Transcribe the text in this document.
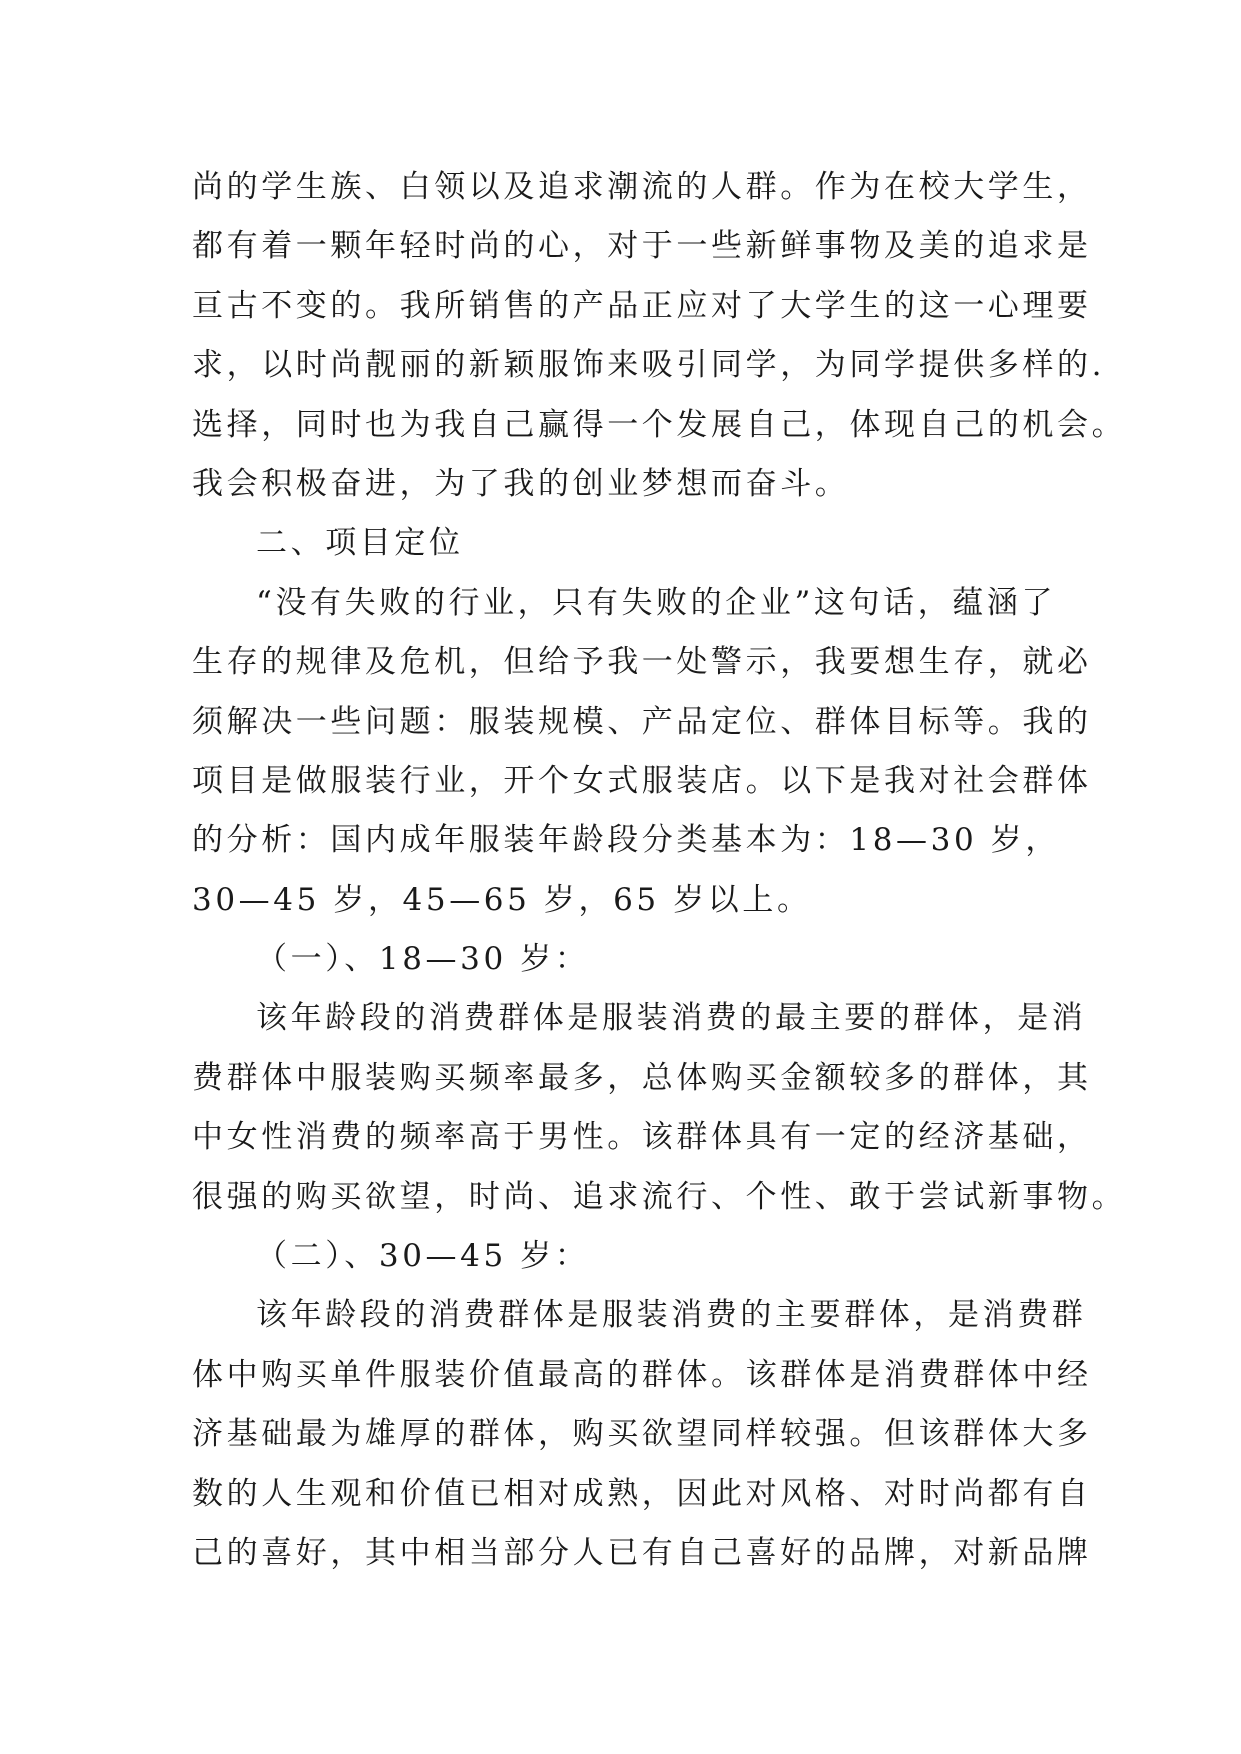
尚的学生族、白领以及追求潮流的人群。作为在校大学生，
都有着一颗年轻时尚的心，对于一些新鲜事物及美的追求是
亘古不变的。我所销售的产品正应对了大学生的这一心理要
求，以时尚靓丽的新颖服饰来吸引同学，为同学提供多样的.
选择，同时也为我自己赢得一个发展自己，体现自己的机会。
我会积极奋进，为了我的创业梦想而奋斗。
二、项目定位
“没有失败的行业，只有失败的企业”这句话，蕴涵了
生存的规律及危机，但给予我一处警示，我要想生存，就必
须解决一些问题：服装规模、产品定位、群体目标等。我的
项目是做服装行业，开个女式服装店。以下是我对社会群体
的分析：国内成年服装年龄段分类基本为：18—30 岁，
30—45 岁，45—65 岁，65 岁以上。
（一）、18—30 岁：
该年龄段的消费群体是服装消费的最主要的群体，是消
费群体中服装购买频率最多，总体购买金额较多的群体，其
中女性消费的频率高于男性。该群体具有一定的经济基础，
很强的购买欲望，时尚、追求流行、个性、敢于尝试新事物。
（二）、30—45 岁：
该年龄段的消费群体是服装消费的主要群体，是消费群
体中购买单件服装价值最高的群体。该群体是消费群体中经
济基础最为雄厚的群体，购买欲望同样较强。但该群体大多
数的人生观和价值已相对成熟，因此对风格、对时尚都有自
己的喜好，其中相当部分人已有自己喜好的品牌，对新品牌
